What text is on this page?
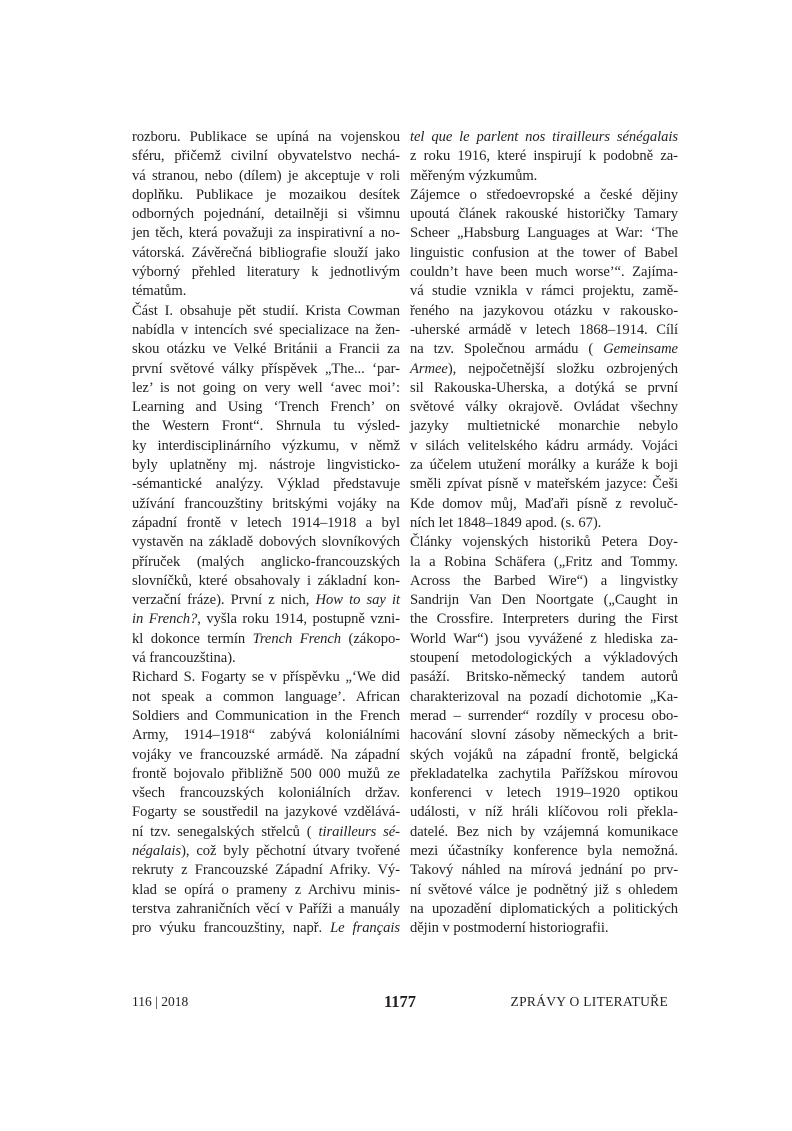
rozboru. Publikace se upíná na vojenskou
sféru, přičemž civilní obyvatelstvo nechá-
vá stranou, nebo (dílem) je akceptuje v roli
doplňku. Publikace je mozaikou desítek
odborných pojednání, detailněji si všimnu
jen těch, která považuji za inspirativní a no-
vátorská. Závěrečná bibliografie slouží jako
výborný přehled literatury k jednotlivým
tématům.
Část I. obsahuje pět studií. Krista Cowman
nabídla v intencích své specializace na žen-
skou otázku ve Velké Británii a Francii za
první světové války příspěvek „The... ‘par-
lez’ is not going on very well ‘avec moi’:
Learning and Using ‘Trench French’ on
the Western Front“. Shrnula tu výsled-
ky interdisciplinárního výzkumu, v němž
byly uplatněny mj. nástroje lingvisticko-
-sémantické analýzy. Výklad představuje
užívání francouzštiny britskými vojáky na
západní frontě v letech 1914–1918 a byl
vystavěn na základě dobových slovníkových
příruček (malých anglicko-francouzských
slovníčků, které obsahovaly i základní kon-
verzační fráze). První z nich, How to say it
in French?, vyšla roku 1914, postupně vzni-
kl dokonce termín Trench French (zákopo-
vá francouzština).
Richard S. Fogarty se v příspěvku „‘We did
not speak a common language’. African
Soldiers and Communication in the French
Army, 1914–1918“ zabývá koloniálními
vojáky ve francouzské armádě. Na západní
frontě bojovalo přibližně 500 000 mužů ze
všech francouzských koloniálních držav.
Fogarty se soustředil na jazykové vzdělává-
ní tzv. senegalských střelců ( tirailleurs sé-
négalais), což byly pěchotní útvary tvořené
rekruty z Francouzské Západní Afriky. Vý-
klad se opírá o prameny z Archivu minis-
terstva zahraničních věcí v Paříži a manuály
pro výuku francouzštiny, např. Le français
tel que le parlent nos tirailleurs sénégalais
z roku 1916, které inspirují k podobně za-
měřeným výzkumům.
Zájemce o středoevropské a české dějiny
upoutá článek rakouské historičky Tamary
Scheer „Habsburg Languages at War: ‘The
linguistic confusion at the tower of Babel
couldn’t have been much worse’“. Zajíma-
vá studie vznikla v rámci projektu, zamě-
řeného na jazykovou otázku v rakousko-
-uherské armádě v letech 1868–1914. Cílí
na tzv. Společnou armádu ( Gemeinsame
Armee), nejpočetnější složku ozbrojených
sil Rakouska-Uherska, a dotýká se první
světové války okrajově. Ovládat všechny
jazyky multietnické monarchie nebylo
v silách velitelského kádru armády. Vojáci
za účelem utužení morálky a kuráže k boji
směli zpívat písně v mateřském jazyce: Češi
Kde domov můj, Maďaři písně z revoluč-
ních let 1848–1849 apod. (s. 67).
Články vojenských historiků Petera Doy-
la a Robina Schäfera („Fritz and Tommy.
Across the Barbed Wire“) a lingvistky
Sandrijn Van Den Noortgate („Caught in
the Crossfire. Interpreters during the First
World War“) jsou vyvážené z hlediska za-
stoupení metodologických a výkladových
pasáží. Britsko-německý tandem autorů
charakterizoval na pozadí dichotomie „Ka-
merad – surrender“ rozdíly v procesu obo-
hacování slovní zásoby německých a brit-
ských vojáků na západní frontě, belgická
překladatelka zachytila Pařížskou mírovou
konferenci v letech 1919–1920 optikou
události, v níž hráli klíčovou roli překla-
datelé. Bez nich by vzájemná komunikace
mezi účastníky konference byla nemožná.
Takový náhled na mírová jednání po prv-
ní světové válce je podnětný již s ohledem
na upozadění diplomatických a politických
dějin v postmoderní historiografii.
116 | 2018	1177	ZPRÁVY O LITERATUŘE
